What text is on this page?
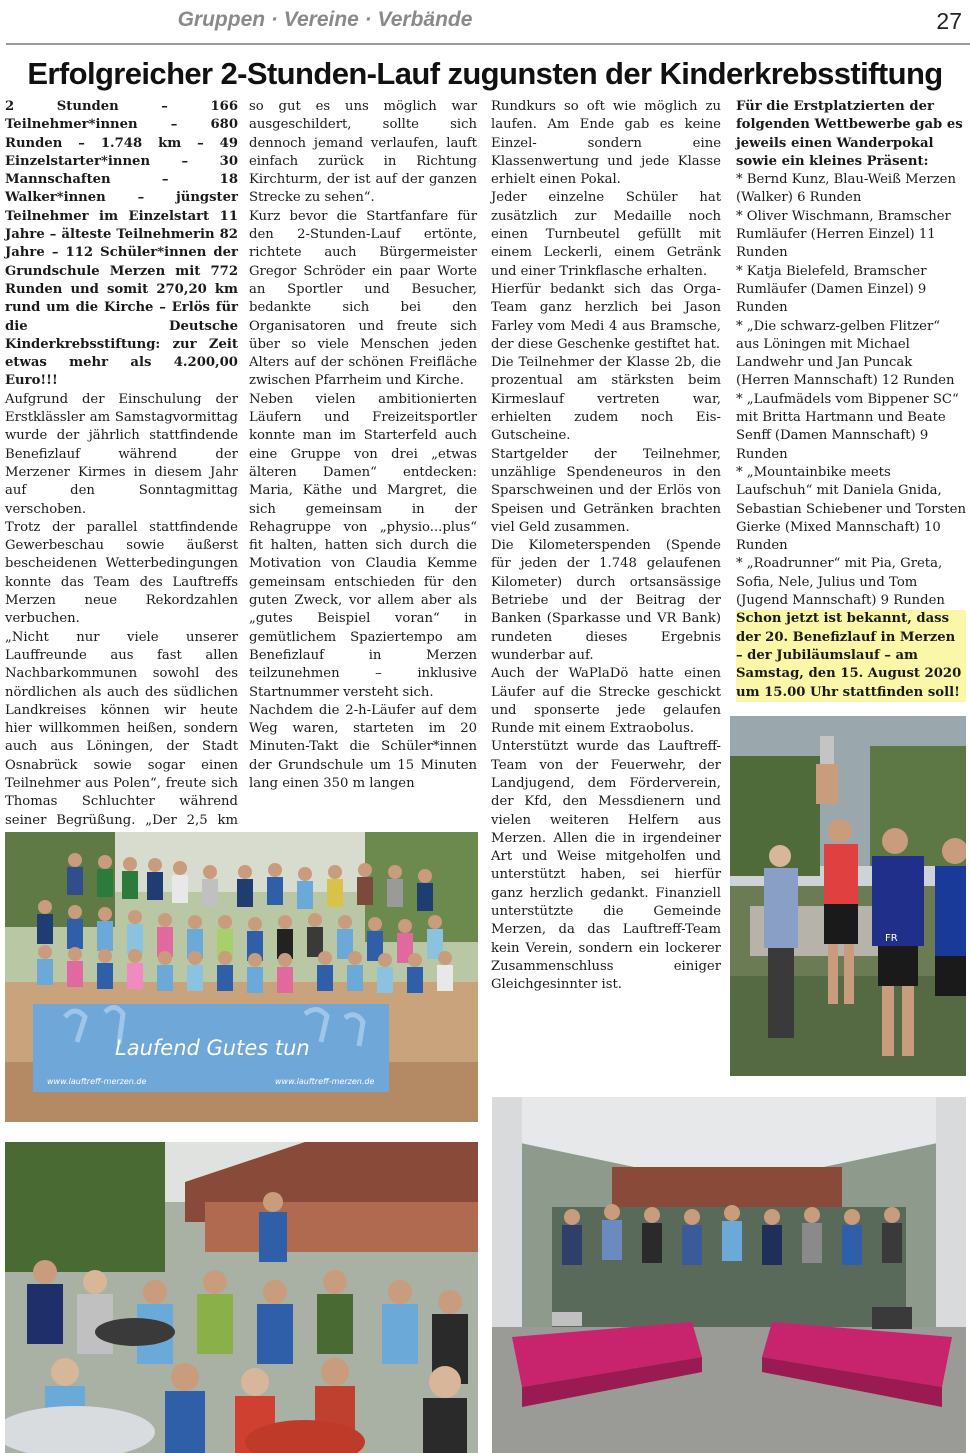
Gruppen · Vereine · Verbände	27
Erfolgreicher 2-Stunden-Lauf zugunsten der Kinderkrebsstiftung

2 Stunden – 166 Teilnehmer*innen – 680 Runden – 1.748 km – 49 Einzelstarter*innen – 30 Mannschaften – 18 Walker*innen – jüngster Teilnehmer im Einzelstart 11 Jahre – älteste Teilnehmerin 82 Jahre – 112 Schüler*innen der Grundschule Merzen mit 772 Runden und somit 270,20 km rund um die Kirche – Erlös für die Deutsche Kinderkrebsstiftung: zur Zeit etwas mehr als 4.200,00 Euro!!!

Aufgrund der Einschulung der Erstklässler am Samstagvormittag wurde der jährlich stattfindende Benefizlauf während der Merzener Kirmes in diesem Jahr auf den Sonntagmittag verschoben.

Trotz der parallel stattfindende Gewerbeschau sowie äußerst bescheidenen Wetterbedingungen konnte das Team des Lauftreffs Merzen neue Rekordzahlen verbuchen.

„Nicht nur viele unserer Lauffreunde aus fast allen Nachbarkommunen sowohl des nördlichen als auch des südlichen Landkreises können wir heute hier willkommen heißen, sondern auch aus Löningen, der Stadt Osnabrück sowie sogar einen Teilnehmer aus Polen“, freute sich Thomas Schluchter während seiner Begrüßung. „Der 2,5 km

so gut es uns möglich war ausgeschildert, sollte sich dennoch jemand verlaufen, lauft einfach zurück in Richtung Kirchturm, der ist auf der ganzen Strecke zu sehen“.

Kurz bevor die Startfanfare für den 2-Stunden-Lauf ertönte, richtete auch Bürgermeister Gregor Schröder ein paar Worte an Sportler und Besucher, bedankte sich bei den Organisatoren und freute sich über so viele Menschen jeden Alters auf der schönen Freifläche zwischen Pfarrheim und Kirche.

Neben vielen ambitionierten Läufern und Freizeitsportler konnte man im Starterfeld auch eine Gruppe von drei „etwas älteren Damen“ entdecken: Maria, Käthe und Margret, die sich gemeinsam in der Rehagruppe von „physio...plus“ fit halten, hatten sich durch die Motivation von Claudia Kemme gemeinsam entschieden für den guten Zweck, vor allem aber als „gutes Beispiel voran“ in gemütlichem Spaziertempo am Benefizlauf in Merzen teilzunehmen – inklusive Startnummer versteht sich.

Nachdem die 2-h-Läufer auf dem Weg waren, starteten im 20 Minuten-Takt die Schüler*innen der Grundschule um 15 Minuten lang einen 350 m langen

Rundkurs so oft wie möglich zu laufen. Am Ende gab es keine Einzel- sondern eine Klassenwertung und jede Klasse erhielt einen Pokal.

Jeder einzelne Schüler hat zusätzlich zur Medaille noch einen Turnbeutel gefüllt mit einem Leckerli, einem Getränk und einer Trinkflasche erhalten.

Hierfür bedankt sich das Orga-Team ganz herzlich bei Jason Farley vom Medi 4 aus Bramsche, der diese Geschenke gestiftet hat.

Die Teilnehmer der Klasse 2b, die prozentual am stärksten beim Kirmeslauf vertreten war, erhielten zudem noch Eis-Gutscheine.

Startgelder der Teilnehmer, unzählige Spendeneuros in den Sparschweinen und der Erlös von Speisen und Getränken brachten viel Geld zusammen.

Die Kilometerspenden (Spende für jeden der 1.748 gelaufenen Kilometer) durch ortsansässige Betriebe und der Beitrag der Banken (Sparkasse und VR Bank) rundeten dieses Ergebnis wunderbar auf.

Auch der WaPlaDö hatte einen Läufer auf die Strecke geschickt und sponserte jede gelaufen Runde mit einem Extraobolus.

Unterstützt wurde das Lauftreff-Team von der Feuerwehr, der Landjugend, dem Förderverein, der Kfd, den Messdienern und vielen weiteren Helfern aus Merzen. Allen die in irgendeiner Art und Weise mitgeholfen und unterstützt haben, sei hierfür ganz herzlich gedankt. Finanziell unterstützte die Gemeinde Merzen, da das Lauftreff-Team kein Verein, sondern ein lockerer Zusammenschluss einiger Gleichgesinnter ist.

Für die Erstplatzierten der folgenden Wettbewerbe gab es jeweils einen Wanderpokal sowie ein kleines Präsent:

* Bernd Kunz, Blau-Weiß Merzen (Walker) 6 Runden

* Oliver Wischmann, Bramscher Rumläufer (Herren Einzel) 11 Runden

* Katja Bielefeld, Bramscher Rumläufer (Damen Einzel) 9 Runden

* „Die schwarz-gelben Flitzer“ aus Löningen mit Michael Landwehr und Jan Puncak (Herren Mannschaft) 12 Runden

* „Laufmädels vom Bippener SC“ mit Britta Hartmann und Beate Senff (Damen Mannschaft) 9 Runden

* „Mountainbike meets Laufschuh“ mit Daniela Gnida, Sebastian Schiebener und Torsten Gierke (Mixed Mannschaft) 10 Runden

* „Roadrunner“ mit Pia, Greta, Sofia, Nele, Julius und Tom (Jugend Mannschaft) 9 Runden

Schon jetzt ist bekannt, dass der 20. Benefizlauf in Merzen – der Jubiläumslauf – am Samstag, den 15. August 2020 um 15.00 Uhr stattfinden soll!

Laufend Gutes tun
www.lauftreff-merzen.de	www.lauftreff-merzen.de
FR
